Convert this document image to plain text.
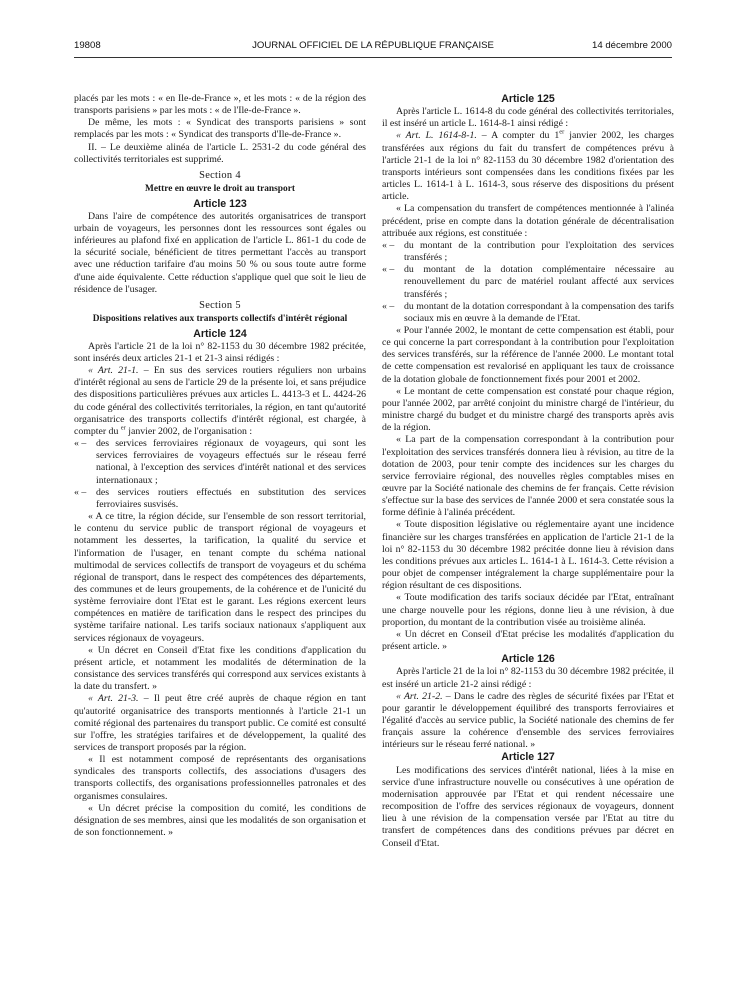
19808	JOURNAL OFFICIEL DE LA RÉPUBLIQUE FRANÇAISE	14 décembre 2000

placés par les mots : « en Ile-de-France », et les mots : « de la région des transports parisiens » par les mots : « de l'Ile-de-France ».

De même, les mots : « Syndicat des transports parisiens » sont remplacés par les mots : « Syndicat des transports d'Ile-de-France ».

II. – Le deuxième alinéa de l'article L. 2531-2 du code général des collectivités territoriales est supprimé.

Section 4
Mettre en œuvre le droit au transport
Article 123

Dans l'aire de compétence des autorités organisatrices de transport urbain de voyageurs, les personnes dont les ressources sont égales ou inférieures au plafond fixé en application de l'article L. 861-1 du code de la sécurité sociale, bénéficient de titres permettant l'accès au transport avec une réduction tarifaire d'au moins 50 % ou sous toute autre forme d'une aide équivalente. Cette réduction s'applique quel que soit le lieu de résidence de l'usager.

Section 5
Dispositions relatives aux transports collectifs d'intérêt régional
Article 124

Après l'article 21 de la loi n° 82-1153 du 30 décembre 1982 précitée, sont insérés deux articles 21-1 et 21-3 ainsi rédigés :

« Art. 21-1. – En sus des services routiers réguliers non urbains d'intérêt régional au sens de l'article 29 de la présente loi, et sans préjudice des dispositions particulières prévues aux articles L. 4413-3 et L. 4424-26 du code général des collectivités territoriales, la région, en tant qu'autorité organisatrice des transports collectifs d'intérêt régional, est chargée, à compter du $^{er}$ janvier 2002, de l'organisation :

« – des services ferroviaires régionaux de voyageurs, qui sont les services ferroviaires de voyageurs effectués sur le réseau ferré national, à l'exception des services d'intérêt national et des services internationaux ;

« – des services routiers effectués en substitution des services ferroviaires susvisés.

« A ce titre, la région décide, sur l'ensemble de son ressort territorial, le contenu du service public de transport régional de voyageurs et notamment les dessertes, la tarification, la qualité du service et l'information de l'usager, en tenant compte du schéma national multimodal de services collectifs de transport de voyageurs et du schéma régional de transport, dans le respect des compétences des départements, des communes et de leurs groupements, de la cohérence et de l'unicité du système ferroviaire dont l'Etat est le garant. Les régions exercent leurs compétences en matière de tarification dans le respect des principes du système tarifaire national. Les tarifs sociaux nationaux s'appliquent aux services régionaux de voyageurs.

« Un décret en Conseil d'Etat fixe les conditions d'application du présent article, et notamment les modalités de détermination de la consistance des services transférés qui correspond aux services existants à la date du transfert. »

« Art. 21-3. – Il peut être créé auprès de chaque région en tant qu'autorité organisatrice des transports mentionnés à l'article 21-1 un comité régional des partenaires du transport public. Ce comité est consulté sur l'offre, les stratégies tarifaires et de développement, la qualité des services de transport proposés par la région.

« Il est notamment composé de représentants des organisations syndicales des transports collectifs, des associations d'usagers des transports collectifs, des organisations professionnelles patronales et des organismes consulaires.

« Un décret précise la composition du comité, les conditions de désignation de ses membres, ainsi que les modalités de son organisation et de son fonctionnement. »

Article 125

Après l'article L. 1614-8 du code général des collectivités territoriales, il est inséré un article L. 1614-8-1 ainsi rédigé :

« Art. L. 1614-8-1. – A compter du 1er janvier 2002, les charges transférées aux régions du fait du transfert de compétences prévu à l'article 21-1 de la loi n° 82-1153 du 30 décembre 1982 d'orientation des transports intérieurs sont compensées dans les conditions fixées par les articles L. 1614-1 à L. 1614-3, sous réserve des dispositions du présent article.

« La compensation du transfert de compétences mentionnée à l'alinéa précédent, prise en compte dans la dotation générale de décentralisation attribuée aux régions, est constituée :

« – du montant de la contribution pour l'exploitation des services transférés ;

« – du montant de la dotation complémentaire nécessaire au renouvellement du parc de matériel roulant affecté aux services transférés ;

« – du montant de la dotation correspondant à la compensation des tarifs sociaux mis en œuvre à la demande de l'Etat.

« Pour l'année 2002, le montant de cette compensation est établi, pour ce qui concerne la part correspondant à la contribution pour l'exploitation des services transférés, sur la référence de l'année 2000. Le montant total de cette compensation est revalorisé en appliquant les taux de croissance de la dotation globale de fonctionnement fixés pour 2001 et 2002.

« Le montant de cette compensation est constaté pour chaque région, pour l'année 2002, par arrêté conjoint du ministre chargé de l'intérieur, du ministre chargé du budget et du ministre chargé des transports après avis de la région.

« La part de la compensation correspondant à la contribution pour l'exploitation des services transférés donnera lieu à révision, au titre de la dotation de 2003, pour tenir compte des incidences sur les charges du service ferroviaire régional, des nouvelles règles comptables mises en œuvre par la Société nationale des chemins de fer français. Cette révision s'effectue sur la base des services de l'année 2000 et sera constatée sous la forme définie à l'alinéa précédent.

« Toute disposition législative ou réglementaire ayant une incidence financière sur les charges transférées en application de l'article 21-1 de la loi n° 82-1153 du 30 décembre 1982 précitée donne lieu à révision dans les conditions prévues aux articles L. 1614-1 à L. 1614-3. Cette révision a pour objet de compenser intégralement la charge supplémentaire pour la région résultant de ces dispositions.

« Toute modification des tarifs sociaux décidée par l'Etat, entraînant une charge nouvelle pour les régions, donne lieu à une révision, à due proportion, du montant de la contribution visée au troisième alinéa.

« Un décret en Conseil d'Etat précise les modalités d'application du présent article. »

Article 126

Après l'article 21 de la loi n° 82-1153 du 30 décembre 1982 précitée, il est inséré un article 21-2 ainsi rédigé :

« Art. 21-2. – Dans le cadre des règles de sécurité fixées par l'Etat et pour garantir le développement équilibré des transports ferroviaires et l'égalité d'accès au service public, la Société nationale des chemins de fer français assure la cohérence d'ensemble des services ferroviaires intérieurs sur le réseau ferré national. »

Article 127

Les modifications des services d'intérêt national, liées à la mise en service d'une infrastructure nouvelle ou consécutives à une opération de modernisation approuvée par l'Etat et qui rendent nécessaire une recomposition de l'offre des services régionaux de voyageurs, donnent lieu à une révision de la compensation versée par l'Etat au titre du transfert de compétences dans des conditions prévues par décret en Conseil d'Etat.
